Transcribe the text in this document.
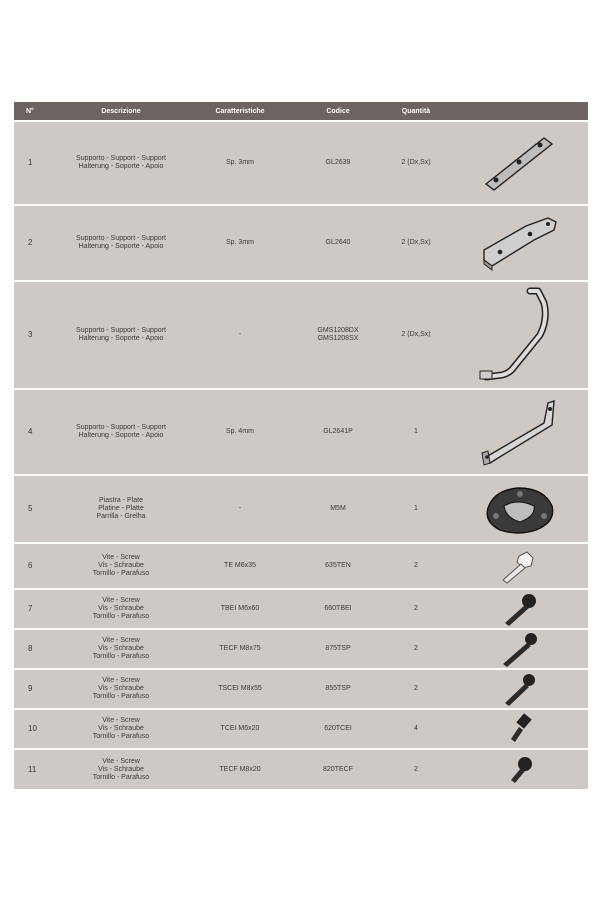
N°	Descrizione	Caratteristiche	Codice	Quantità	
1	Supporto - Support - Support
Halterung - Soporte - Apoio	Sp. 3mm	GL2639	2 (Dx,Sx)	

2	Supporto - Support - Support
Halterung - Soporte - Apoio	Sp. 3mm	GL2640	2 (Dx,Sx)	

3	Supporto - Support - Support
Halterung - Soporte - Apoio	-	GMS1208DX
GMS1208SX	2 (Dx,Sx)	

4	Supporto - Support - Support
Halterung - Soporte - Apoio	Sp. 4mm	GL2641P	1	

5	Piastra - Plate
Platine - Platte
Parrilla - Grelha	-	M5M	1	

6	Vite - Screw
Vis - Schraube
Tornillo - Parafuso	TE M6x35	635TEN	2	

7	Vite - Screw
Vis - Schraube
Tornillo - Parafuso	TBEI M6x60	660TBEI	2	

8	Vite - Screw
Vis - Schraube
Tornillo - Parafuso	TECF M8x75	875TSP	2	

9	Vite - Screw
Vis - Schraube
Tornillo - Parafuso	TSCEI M8x55	855TSP	2	

10	Vite - Screw
Vis - Schraube
Tornillo - Parafuso	TCEI M6x20	620TCEI	4	

11	Vite - Screw
Vis - Schraube
Tornillo - Parafuso	TECF M8x20	820TECF	2	
